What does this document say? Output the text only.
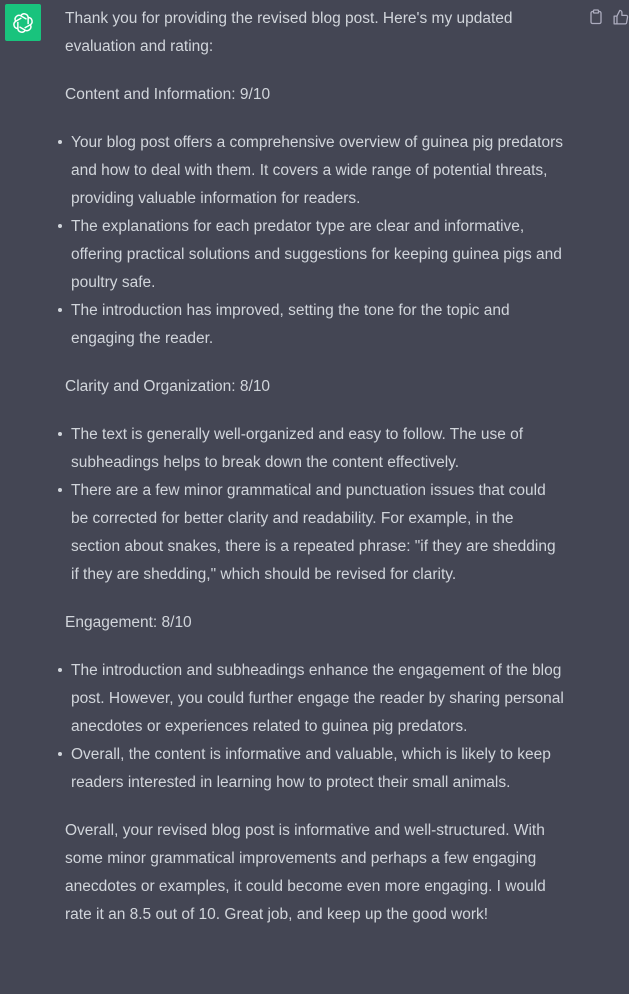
Thank you for providing the revised blog post. Here's my updated evaluation and rating:

Content and Information: 9/10

Your blog post offers a comprehensive overview of guinea pig predators and how to deal with them. It covers a wide range of potential threats, providing valuable information for readers.
The explanations for each predator type are clear and informative, offering practical solutions and suggestions for keeping guinea pigs and poultry safe.
The introduction has improved, setting the tone for the topic and engaging the reader.

Clarity and Organization: 8/10

The text is generally well-organized and easy to follow. The use of subheadings helps to break down the content effectively.
There are a few minor grammatical and punctuation issues that could be corrected for better clarity and readability. For example, in the section about snakes, there is a repeated phrase: "if they are shedding if they are shedding," which should be revised for clarity.

Engagement: 8/10

The introduction and subheadings enhance the engagement of the blog post. However, you could further engage the reader by sharing personal anecdotes or experiences related to guinea pig predators.
Overall, the content is informative and valuable, which is likely to keep readers interested in learning how to protect their small animals.

Overall, your revised blog post is informative and well-structured. With some minor grammatical improvements and perhaps a few engaging anecdotes or examples, it could become even more engaging. I would rate it an 8.5 out of 10. Great job, and keep up the good work!
